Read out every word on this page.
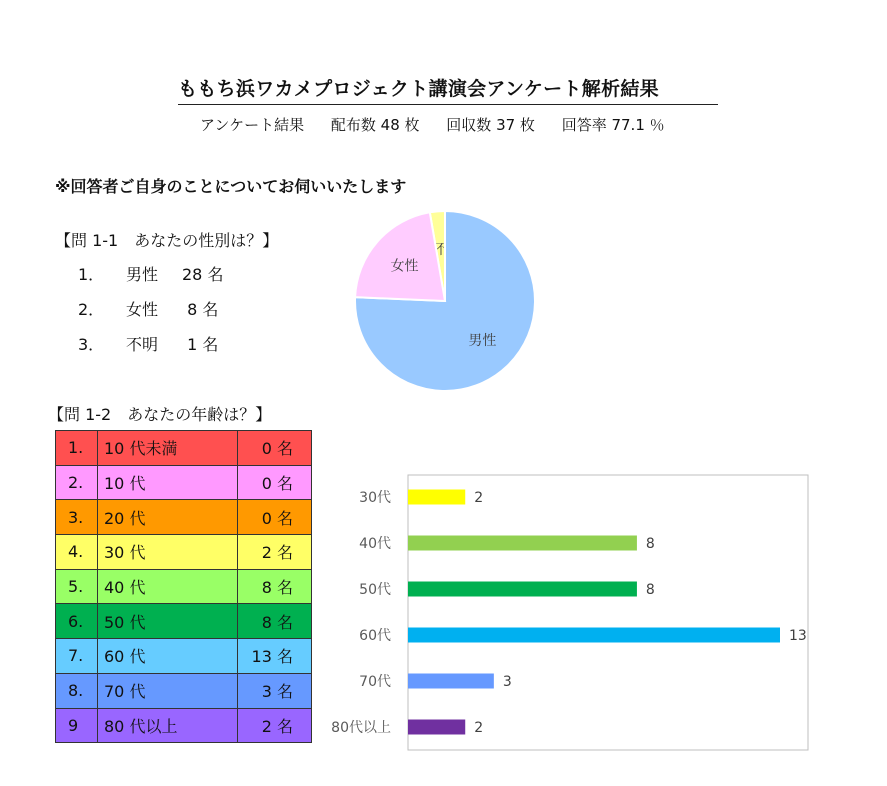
ももち浜ワカメプロジェクト講演会アンケート解析結果
アンケート結果 配布数 48 枚 回収数 37 枚 回答率 77.1 ％
※回答者ご自身のことについてお伺いいたします
【問 1-1　あなたの性別は？】
1． 男性 28 名
2． 女性 8 名
3． 不明 1 名	男性
女性
【問 1-2　あなたの年齢は？】
1.	10 代未満	0 名
2.	10 代	0 名
3.	20 代	0 名
4.	30 代	2 名
5.	40 代	8 名
6.	50 代	8 名
7.	60 代	13 名
8.	70 代	3 名
9	80 代以上	2 名
30代	2
40代	8
50代	8
60代	13
70代	3
80代以上	2
